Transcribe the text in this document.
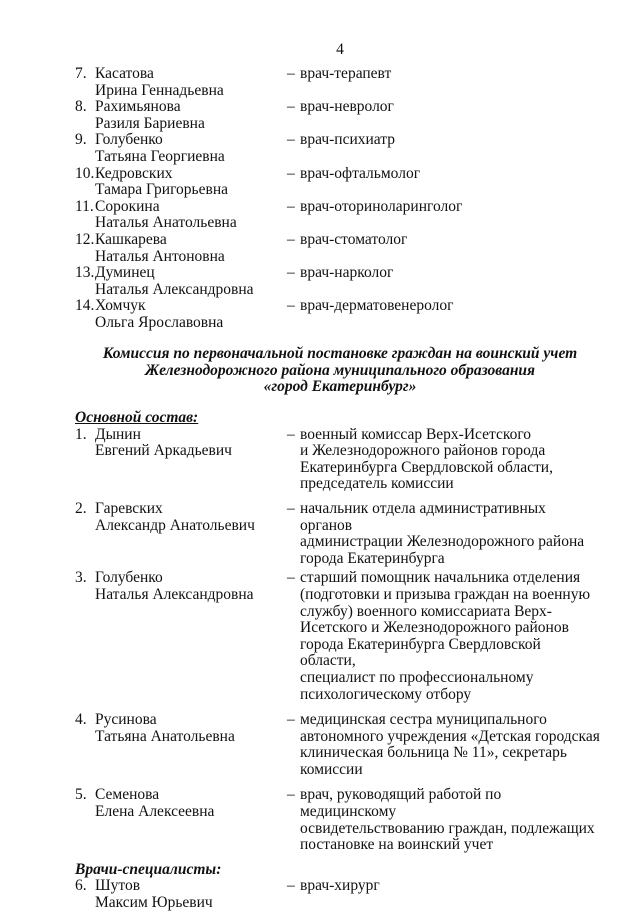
4
7. Касатова
Ирина Геннадьевна
– врач-терапевт
8. Рахимьянова
Разиля Бариевна
– врач-невролог
9. Голубенко
Татьяна Георгиевна
– врач-психиатр
10.Кедровских
Тамара Григорьевна
– врач-офтальмолог
11.Сорокина
Наталья Анатольевна
– врач-оториноларинголог
12.Кашкарева
Наталья Антоновна
– врач-стоматолог
13.Думинец
Наталья Александровна
– врач-нарколог
14.Хомчук
Ольга Ярославовна
– врач-дерматовенеролог
Комиссия по первоначальной постановке граждан на воинский учет
Железнодорожного района муниципального образования
«город Екатеринбург»
Основной состав:
1. Дынин
Евгений Аркадьевич
– военный комиссар Верх-Исетского
и Железнодорожного районов города
Екатеринбурга Свердловской области,
председатель комиссии
2. Гаревских
Александр Анатольевич
– начальник отдела административных органов
администрации Железнодорожного района
города Екатеринбурга
3. Голубенко
Наталья Александровна
– старший помощник начальника отделения
(подготовки и призыва граждан на военную
службу) военного комиссариата Верх-
Исетского и Железнодорожного районов
города Екатеринбурга Свердловской области,
специалист по профессиональному
психологическому отбору
4. Русинова
Татьяна Анатольевна
– медицинская сестра муниципального
автономного учреждения «Детская городская
клиническая больница № 11», секретарь
комиссии
5. Семенова
Елена Алексеевна
– врач, руководящий работой по медицинскому
освидетельствованию граждан, подлежащих
постановке на воинский учет
Врачи-специалисты:
6. Шутов
Максим Юрьевич
– врач-хирург
